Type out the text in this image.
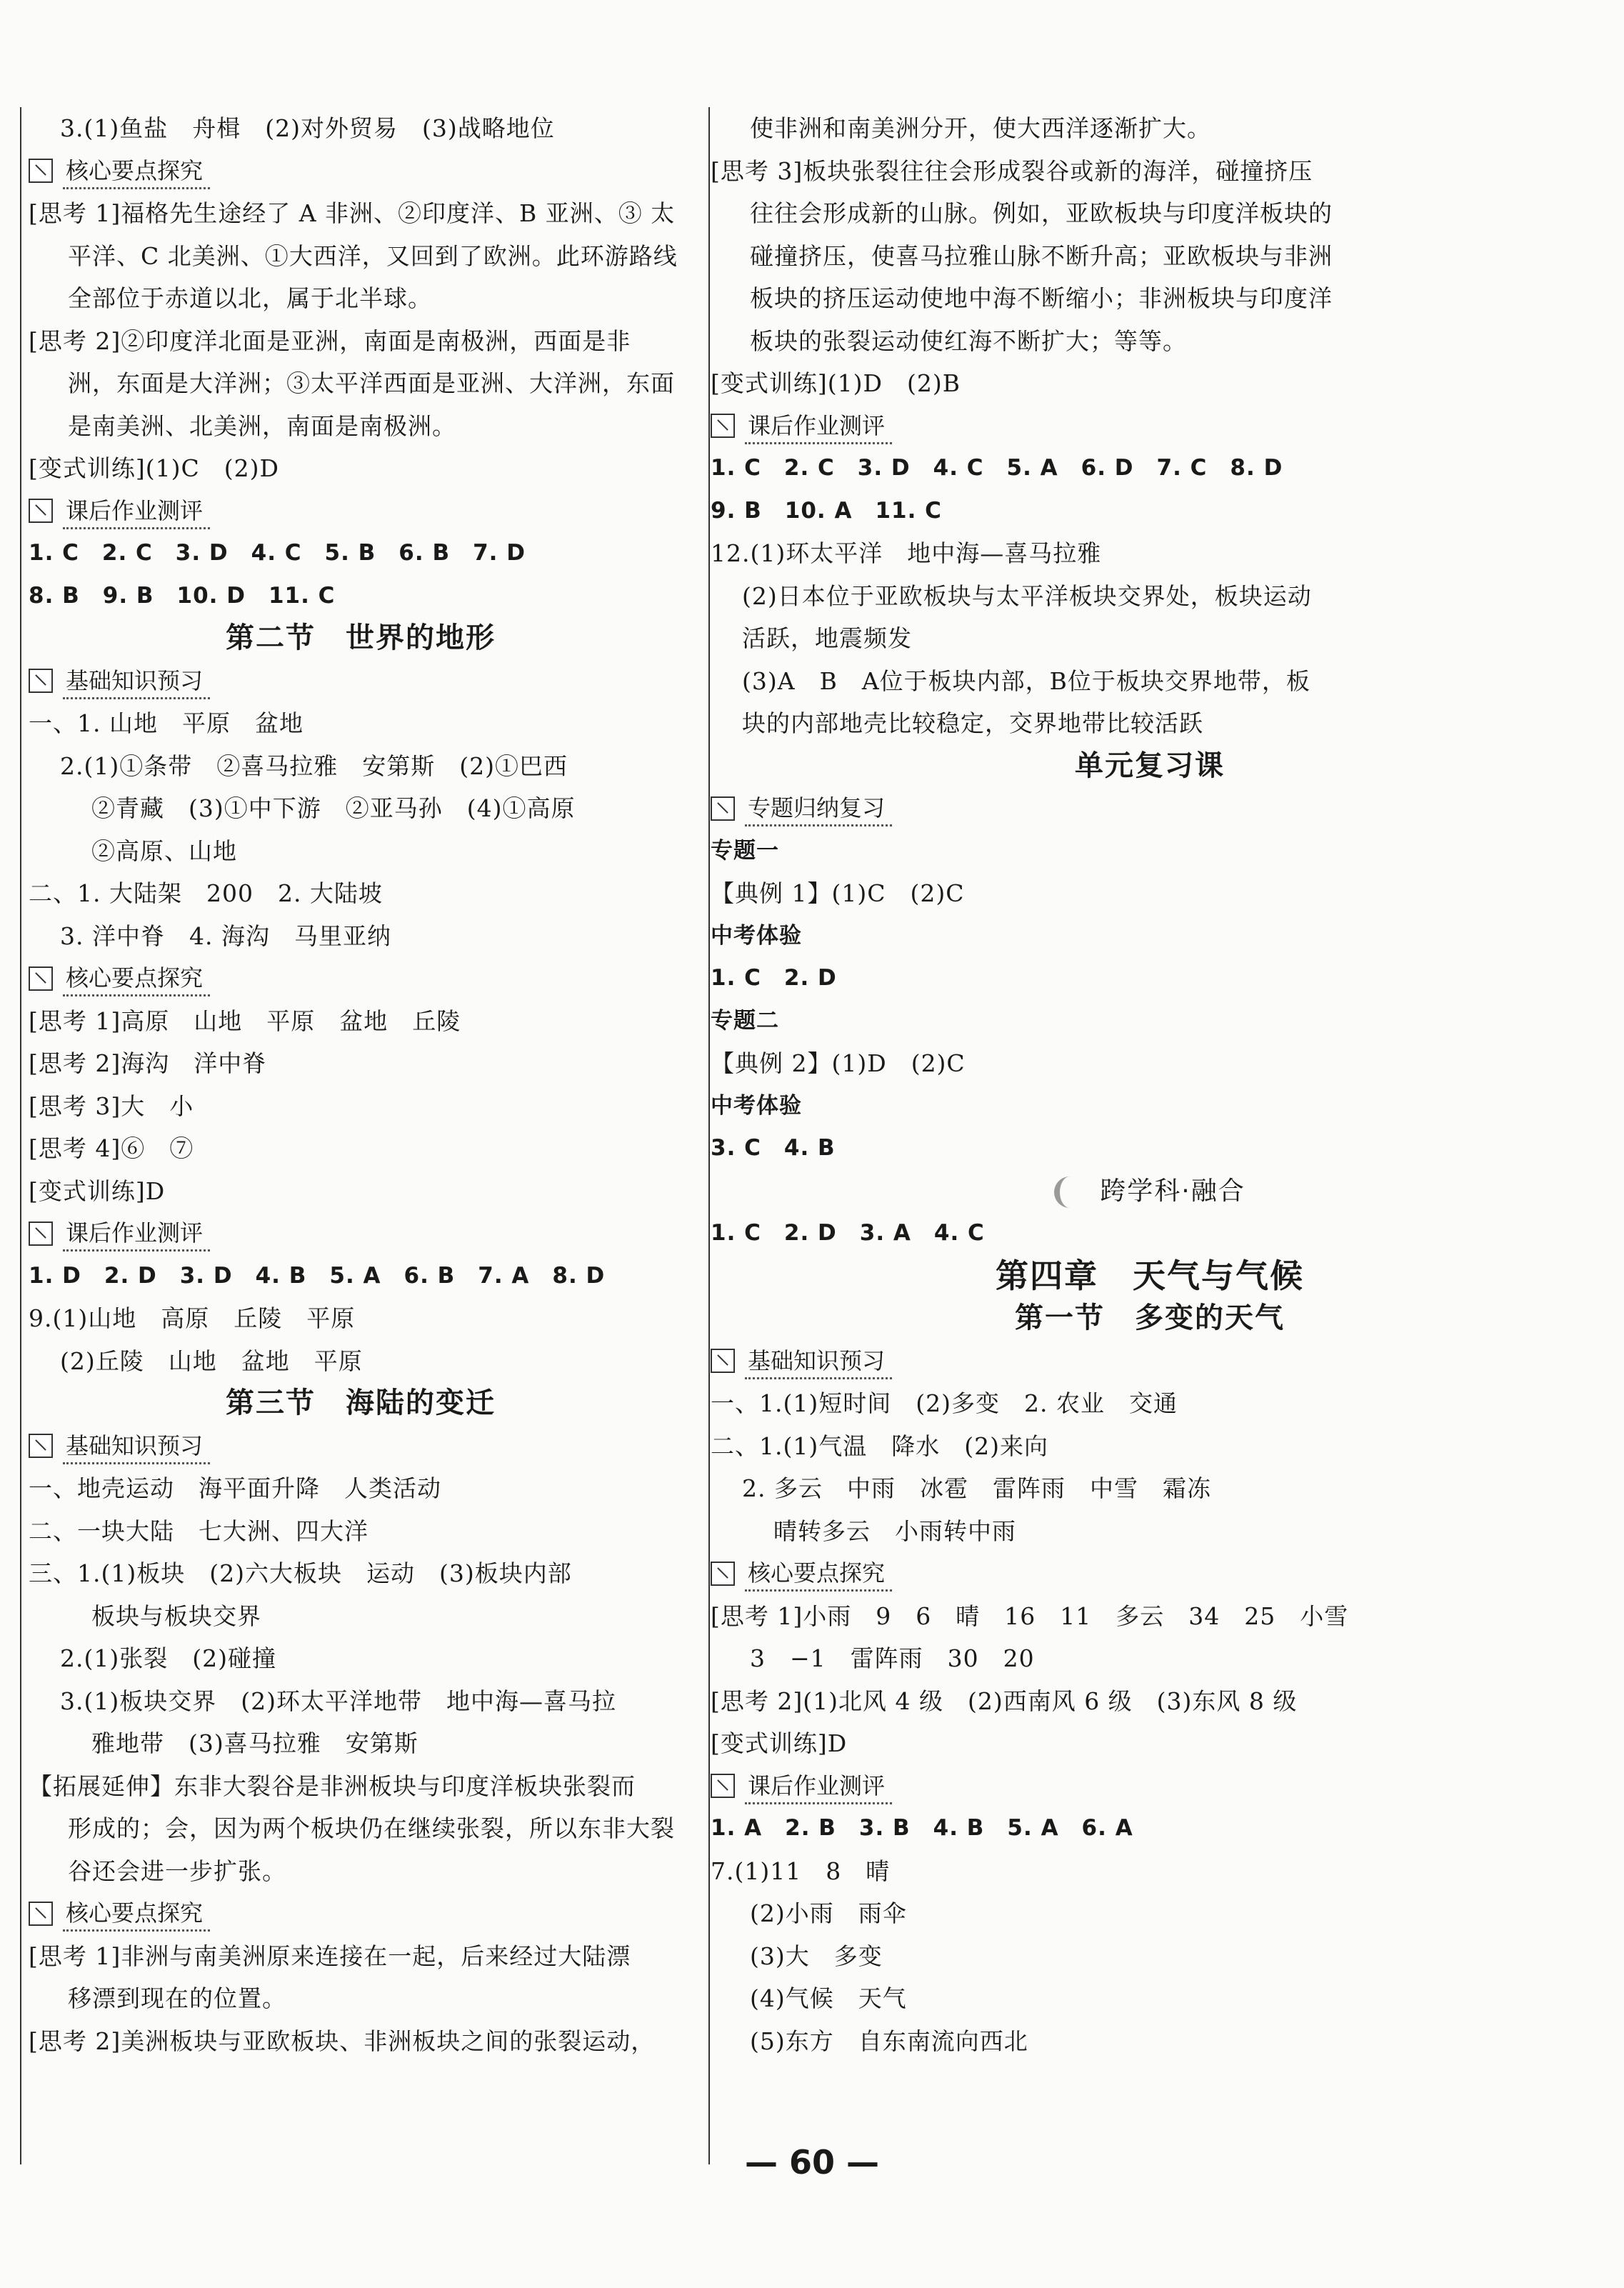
3.(1)鱼盐　舟楫　(2)对外贸易　(3)战略地位
核心要点探究
[思考 1]福格先生途经了 A 非洲、②印度洋、B 亚洲、③ 太
平洋、C 北美洲、①大西洋，又回到了欧洲。此环游路线
全部位于赤道以北，属于北半球。
[思考 2]②印度洋北面是亚洲，南面是南极洲，西面是非
洲，东面是大洋洲；③太平洋西面是亚洲、大洋洲，东面
是南美洲、北美洲，南面是南极洲。
[变式训练](1)C　(2)D
课后作业测评
1. C　2. C　3. D　4. C　5. B　6. B　7. D
8. B　9. B　10. D　11. C
第二节　世界的地形
基础知识预习
一、1. 山地　平原　盆地
2.(1)①条带　②喜马拉雅　安第斯　(2)①巴西
②青藏　(3)①中下游　②亚马孙　(4)①高原
②高原、山地
二、1. 大陆架　200　2. 大陆坡
3. 洋中脊　4. 海沟　马里亚纳
核心要点探究
[思考 1]高原　山地　平原　盆地　丘陵
[思考 2]海沟　洋中脊
[思考 3]大　小
[思考 4]⑥　⑦
[变式训练]D
课后作业测评
1. D　2. D　3. D　4. B　5. A　6. B　7. A　8. D
9.(1)山地　高原　丘陵　平原
(2)丘陵　山地　盆地　平原
第三节　海陆的变迁
基础知识预习
一、地壳运动　海平面升降　人类活动
二、一块大陆　七大洲、四大洋
三、1.(1)板块　(2)六大板块　运动　(3)板块内部
板块与板块交界
2.(1)张裂　(2)碰撞
3.(1)板块交界　(2)环太平洋地带　地中海—喜马拉
雅地带　(3)喜马拉雅　安第斯
【拓展延伸】东非大裂谷是非洲板块与印度洋板块张裂而
形成的；会，因为两个板块仍在继续张裂，所以东非大裂
谷还会进一步扩张。
核心要点探究
[思考 1]非洲与南美洲原来连接在一起，后来经过大陆漂
移漂到现在的位置。
[思考 2]美洲板块与亚欧板块、非洲板块之间的张裂运动，
使非洲和南美洲分开，使大西洋逐渐扩大。
[思考 3]板块张裂往往会形成裂谷或新的海洋，碰撞挤压
往往会形成新的山脉。例如，亚欧板块与印度洋板块的
碰撞挤压，使喜马拉雅山脉不断升高；亚欧板块与非洲
板块的挤压运动使地中海不断缩小；非洲板块与印度洋
板块的张裂运动使红海不断扩大；等等。
[变式训练](1)D　(2)B
课后作业测评
1. C　2. C　3. D　4. C　5. A　6. D　7. C　8. D
9. B　10. A　11. C
12.(1)环太平洋　地中海—喜马拉雅
(2)日本位于亚欧板块与太平洋板块交界处，板块运动
活跃，地震频发
(3)A　B　A位于板块内部，B位于板块交界地带，板
块的内部地壳比较稳定，交界地带比较活跃
单元复习课
专题归纳复习
专题一
【典例 1】(1)C　(2)C
中考体验
1. C　2. D
专题二
【典例 2】(1)D　(2)C
中考体验
3. C　4. B
跨学科·融合
1. C　2. D　3. A　4. C
第四章　天气与气候
第一节　多变的天气
基础知识预习
一、1.(1)短时间　(2)多变　2. 农业　交通
二、1.(1)气温　降水　(2)来向
2. 多云　中雨　冰雹　雷阵雨　中雪　霜冻
晴转多云　小雨转中雨
核心要点探究
[思考 1]小雨　9　6　晴　16　11　多云　34　25　小雪
3　−1　雷阵雨　30　20
[思考 2](1)北风 4 级　(2)西南风 6 级　(3)东风 8 级
[变式训练]D
课后作业测评
1. A　2. B　3. B　4. B　5. A　6. A
7.(1)11　8　晴
(2)小雨　雨伞
(3)大　多变
(4)气候　天气
(5)东方　自东南流向西北
— 60 —
